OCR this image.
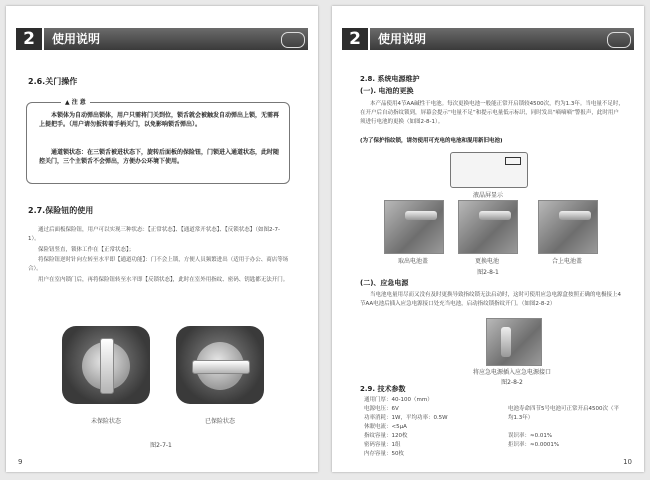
2	使用说明
2.6.关门操作
▲ 注 意
本锁体为自动弹出锁体，用户只需将门关到位，锁舌就会被触发自动弹出上锁，无需再上提把手。（用户请勿扳转着手柄关门，以免影响锁舌弹出）。
通道锁状态：在三锁舌被进状态下，旋转后面板的保险钮，门锁进入通道状态，此时随控关门，三个主锁舌不会弹出，方便办公环境下使用。
2.7.保险钮的使用
通过后面板保险钮，用户可以实现三种状态：【正常状态】、【通道常开状态】、【反锁状态】（如图2-7-1）。
保险钮竖直，锁体工作在【正常状态】；
将保险钮逆时针向左转至水平即【通道功能】：门不会上锁，方便人员频繁进出（适用于办公、商店等场合）。
用户在室内锁门后，再将保险钮转至水平即【反锁状态】，此时在室外用指纹、密码、钥匙都无法开门。
未保险状态	已保险状态
图2-7-1
9
2	使用说明
2.8. 系统电源维护
(一). 电池的更换
本产品使用4节AA碱性干电池。每次更换电池一般能正常开启锁较4500次，约为1.3年。当电量不足时，在开户后自动指纹锁到，屏幕会提示“电量不足”和提示电量低示标识，同时发出“嘀嘀嘀”警报声，此时用户须进行电池的更换（如图2-8-1）。
(为了保护指纹锁，请勿使用可充电的电池和混用新旧电池)
液晶屏显示
取出电池盖	更换电池	合上电池盖
图2-8-1
(二)、应急电源
当电池电量用尽而又没有及时更换导致指纹锁无法启动时，这时可使用应急电源盒按照正确的电极接上4节AA电池后插入应急电源接口处充当电池，启动指纹锁指纹开门。（如图2-8-2）
将应急电源插入应急电源接口
图2-8-2
2.9. 技术参数
通用门厚：40-100（mm）
电源电压：6V
功率消耗：1W，平均功率：0.5W
休眠电流：<5μA
指纹容量：120枚
密码容量：1组
内存容量：50枚
电池寿命四节5号电池可正常开启4500次（平均1.3年）
误识率：≈0.01%
拒识率：≈0.0001%
10
